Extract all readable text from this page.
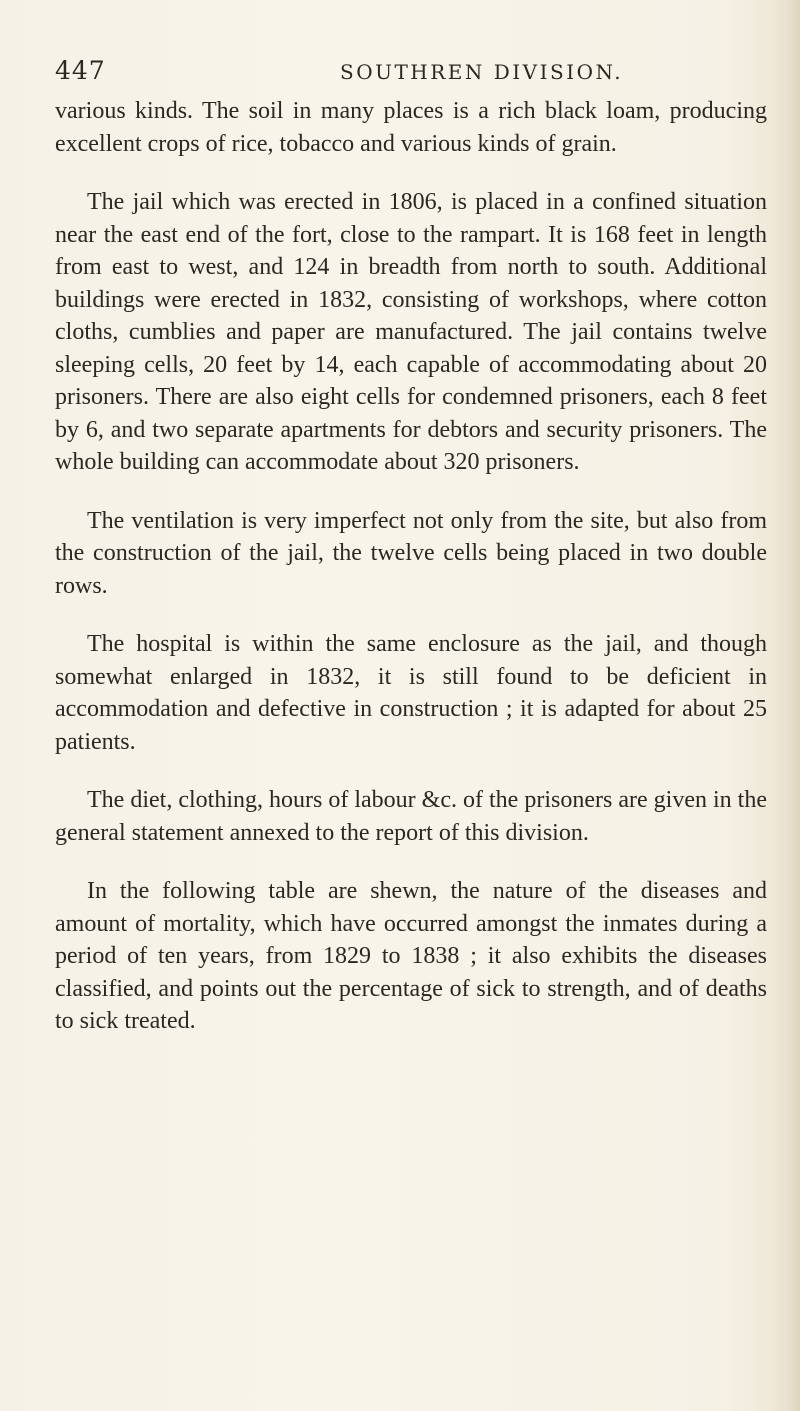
447	SOUTHREN DIVISION.

various kinds. The soil in many places is a rich black loam, producing excellent crops of rice, tobacco and various kinds of grain.

The jail which was erected in 1806, is placed in a confined situation near the east end of the fort, close to the rampart. It is 168 feet in length from east to west, and 124 in breadth from north to south. Additional buildings were erected in 1832, consisting of workshops, where cotton cloths, cumblies and paper are manufactured. The jail contains twelve sleeping cells, 20 feet by 14, each capable of accommodating about 20 prisoners. There are also eight cells for condemned prisoners, each 8 feet by 6, and two separate apartments for debtors and security prisoners. The whole building can accommodate about 320 prisoners.

The ventilation is very imperfect not only from the site, but also from the construction of the jail, the twelve cells being placed in two double rows.

The hospital is within the same enclosure as the jail, and though somewhat enlarged in 1832, it is still found to be deficient in accommodation and defective in construction ; it is adapted for about 25 patients.

The diet, clothing, hours of labour &c. of the prisoners are given in the general statement annexed to the report of this division.

In the following table are shewn, the nature of the diseases and amount of mortality, which have occurred amongst the inmates during a period of ten years, from 1829 to 1838 ; it also exhibits the diseases classified, and points out the percentage of sick to strength, and of deaths to sick treated.
